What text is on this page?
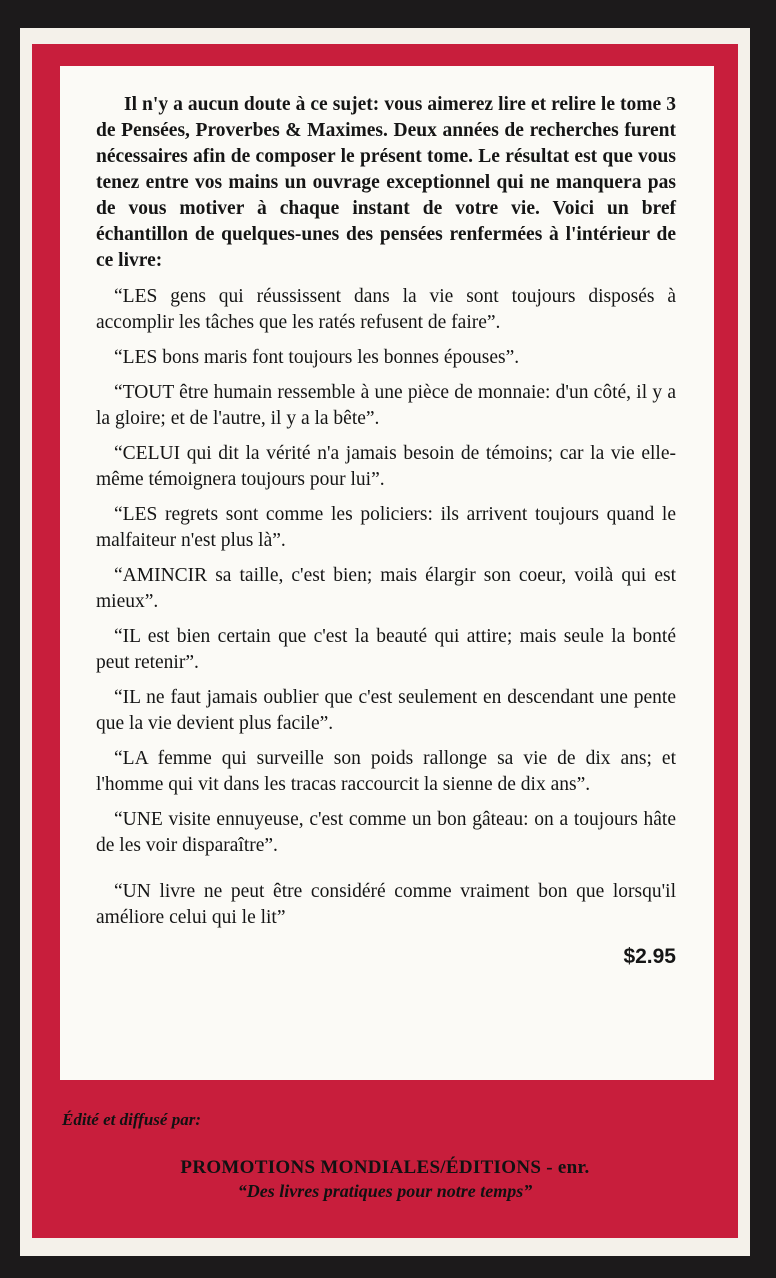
Il n'y a aucun doute à ce sujet: vous aimerez lire et relire le tome 3 de Pensées, Proverbes & Maximes. Deux années de recherches furent nécessaires afin de composer le présent tome. Le résultat est que vous tenez entre vos mains un ouvrage exceptionnel qui ne manquera pas de vous motiver à chaque instant de votre vie. Voici un bref échantillon de quelques-unes des pensées renfermées à l'intérieur de ce livre:

“LES gens qui réussissent dans la vie sont toujours disposés à accomplir les tâches que les ratés refusent de faire”.

“LES bons maris font toujours les bonnes épouses”.

“TOUT être humain ressemble à une pièce de monnaie: d'un côté, il y a la gloire; et de l'autre, il y a la bête”.

“CELUI qui dit la vérité n'a jamais besoin de témoins; car la vie elle-même témoignera toujours pour lui”.

“LES regrets sont comme les policiers: ils arrivent toujours quand le malfaiteur n'est plus là”.

“AMINCIR sa taille, c'est bien; mais élargir son coeur, voilà qui est mieux”.

“IL est bien certain que c'est la beauté qui attire; mais seule la bonté peut retenir”.

“IL ne faut jamais oublier que c'est seulement en descendant une pente que la vie devient plus facile”.

“LA femme qui surveille son poids rallonge sa vie de dix ans; et l'homme qui vit dans les tracas raccourcit la sienne de dix ans”.

“UNE visite ennuyeuse, c'est comme un bon gâteau: on a toujours hâte de les voir disparaître”.

“UN livre ne peut être considéré comme vraiment bon que lorsqu'il améliore celui qui le lit”

$2.95
Édité et diffusé par:
PROMOTIONS MONDIALES/ÉDITIONS - enr.
“Des livres pratiques pour notre temps”
